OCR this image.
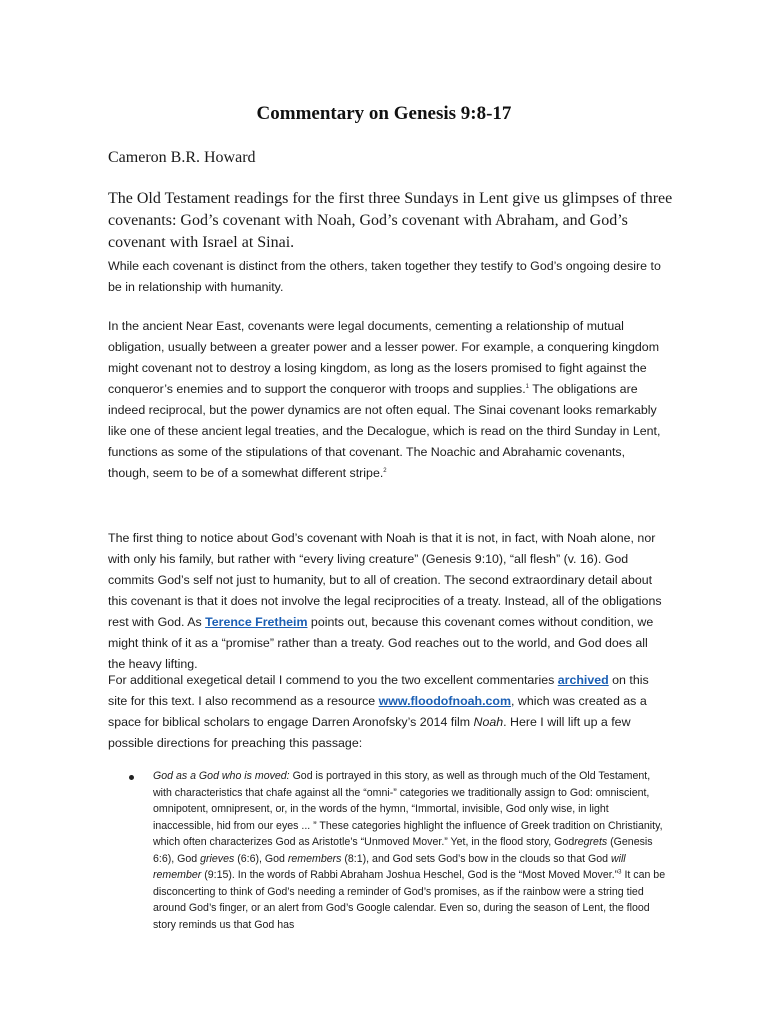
Commentary on Genesis 9:8-17

Cameron B.R. Howard

The Old Testament readings for the first three Sundays in Lent give us glimpses of three covenants: God’s covenant with Noah, God’s covenant with Abraham, and God’s covenant with Israel at Sinai.

While each covenant is distinct from the others, taken together they testify to God’s ongoing desire to be in relationship with humanity.

In the ancient Near East, covenants were legal documents, cementing a relationship of mutual obligation, usually between a greater power and a lesser power. For example, a conquering kingdom might covenant not to destroy a losing kingdom, as long as the losers promised to fight against the conqueror’s enemies and to support the conqueror with troops and supplies.$^1$ The obligations are indeed reciprocal, but the power dynamics are not often equal. The Sinai covenant looks remarkably like one of these ancient legal treaties, and the Decalogue, which is read on the third Sunday in Lent, functions as some of the stipulations of that covenant. The Noachic and Abrahamic covenants, though, seem to be of a somewhat different stripe.$^2$

The first thing to notice about God’s covenant with Noah is that it is not, in fact, with Noah alone, nor with only his family, but rather with “every living creature” (Genesis 9:10), “all flesh” (v. 16). God commits God’s self not just to humanity, but to all of creation. The second extraordinary detail about this covenant is that it does not involve the legal reciprocities of a treaty. Instead, all of the obligations rest with God. As Terence Fretheim points out, because this covenant comes without condition, we might think of it as a “promise” rather than a treaty. God reaches out to the world, and God does all the heavy lifting.

For additional exegetical detail I commend to you the two excellent commentaries archived on this site for this text. I also recommend as a resource www.floodofnoah.com, which was created as a space for biblical scholars to engage Darren Aronofsky’s 2014 film Noah. Here I will lift up a few possible directions for preaching this passage:

God as a God who is moved: God is portrayed in this story, as well as through much of the Old Testament, with characteristics that chafe against all the “omni-” categories we traditionally assign to God: omniscient, omnipotent, omnipresent, or, in the words of the hymn, “Immortal, invisible, God only wise, in light inaccessible, hid from our eyes ... ” These categories highlight the influence of Greek tradition on Christianity, which often characterizes God as Aristotle’s “Unmoved Mover.” Yet, in the flood story, Godregrets (Genesis 6:6), God grieves (6:6), God remembers (8:1), and God sets God’s bow in the clouds so that God will remember (9:15). In the words of Rabbi Abraham Joshua Heschel, God is the “Most Moved Mover.”$^3$ It can be disconcerting to think of God’s needing a reminder of God’s promises, as if the rainbow were a string tied around God’s finger, or an alert from God’s Google calendar. Even so, during the season of Lent, the flood story reminds us that God has
